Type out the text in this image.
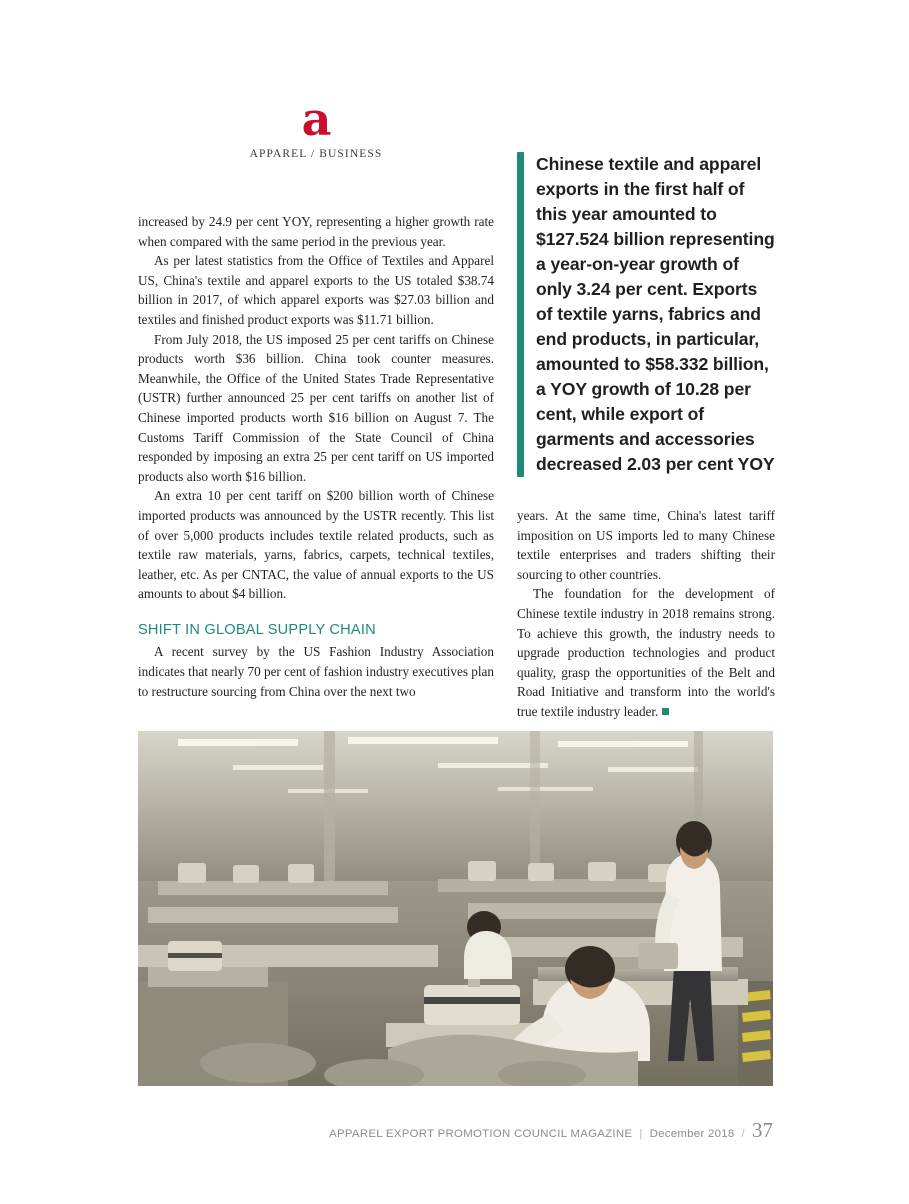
a
APPAREL / BUSINESS

increased by 24.9 per cent YOY, representing a higher growth rate when compared with the same period in the previous year.

As per latest statistics from the Office of Textiles and Apparel US, China's textile and apparel exports to the US totaled $38.74 billion in 2017, of which apparel exports was $27.03 billion and textiles and finished product exports was $11.71 billion.

From July 2018, the US imposed 25 per cent tariffs on Chinese products worth $36 billion. China took counter measures. Meanwhile, the Office of the United States Trade Representative (USTR) further announced 25 per cent tariffs on another list of Chinese imported products worth $16 billion on August 7. The Customs Tariff Commission of the State Council of China responded by imposing an extra 25 per cent tariff on US imported products also worth $16 billion.

An extra 10 per cent tariff on $200 billion worth of Chinese imported products was announced by the USTR recently. This list of over 5,000 products includes textile related products, such as textile raw materials, yarns, fabrics, carpets, technical textiles, leather, etc. As per CNTAC, the value of annual exports to the US amounts to about $4 billion.

SHIFT IN GLOBAL SUPPLY CHAIN

A recent survey by the US Fashion Industry Association indicates that nearly 70 per cent of fashion industry executives plan to restructure sourcing from China over the next two

Chinese textile and apparel exports in the first half of this year amounted to $127.524 billion representing a year-on-year growth of only 3.24 per cent. Exports of textile yarns, fabrics and end products, in particular, amounted to $58.332 billion, a YOY growth of 10.28 per cent, while export of garments and accessories decreased 2.03 per cent YOY

years. At the same time, China's latest tariff imposition on US imports led to many Chinese textile enterprises and traders shifting their sourcing to other countries.

The foundation for the development of Chinese textile industry in 2018 remains strong. To achieve this growth, the industry needs to upgrade production technologies and product quality, grasp the opportunities of the Belt and Road Initiative and transform into the world's true textile industry leader.

APPAREL EXPORT PROMOTION COUNCIL MAGAZINE | December 2018 / 37
